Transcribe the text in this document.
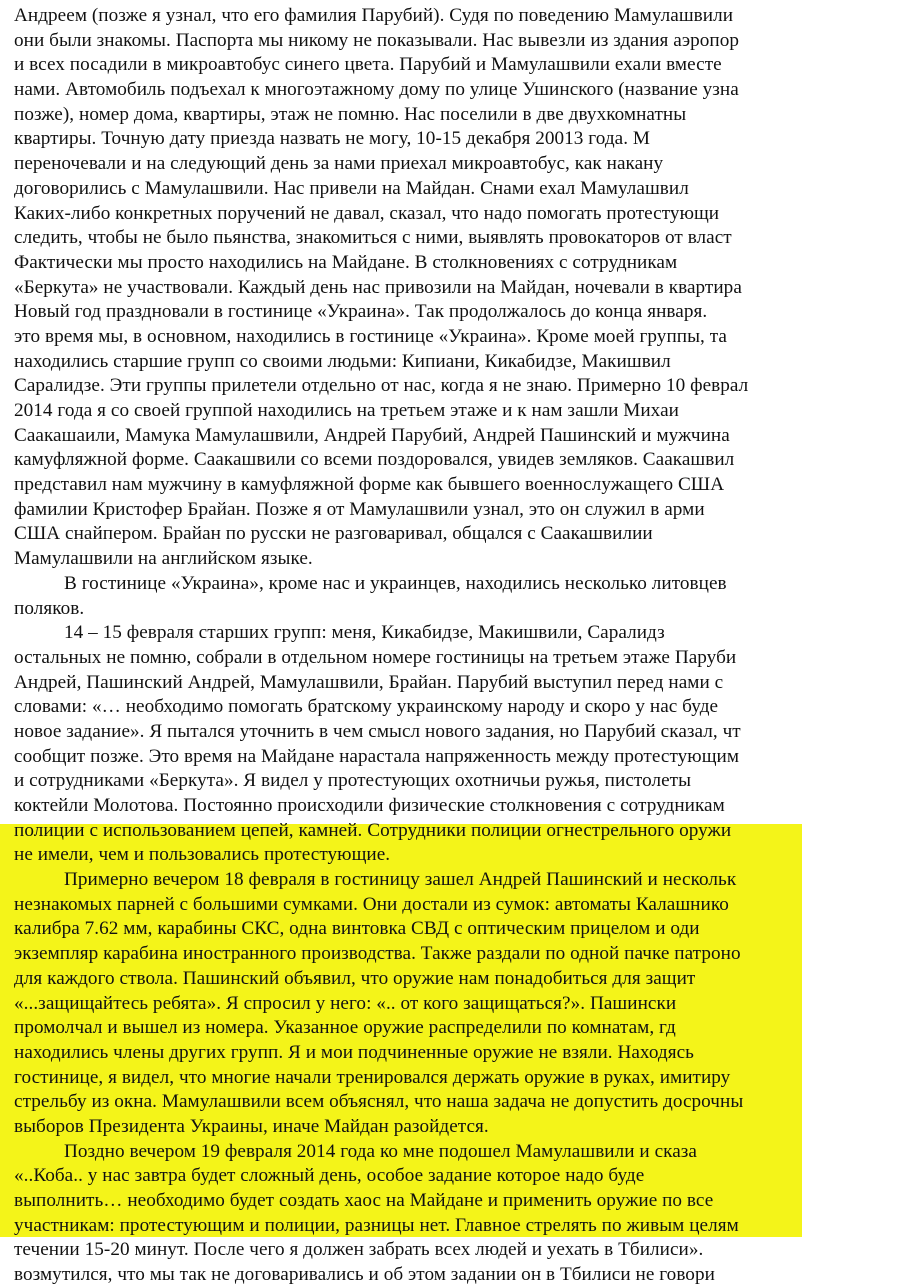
Андреем (позже я узнал, что его фамилия Парубий). Судя по поведению Мамулашвили
они были знакомы. Паспорта мы никому не показывали. Нас вывезли из здания аэропор
и всех посадили в микроавтобус синего цвета. Парубий и Мамулашвили ехали вместе
нами. Автомобиль подъехал к многоэтажному дому по улице Ушинского (название узна
позже), номер дома, квартиры, этаж не помню. Нас поселили в две двухкомнатны
квартиры. Точную дату приезда назвать не могу, 10-15 декабря 20013 года. М
переночевали и на следующий день за нами приехал микроавтобус, как накану
договорились с Мамулашвили. Нас привели на Майдан. Снами ехал Мамулашвил
Каких-либо конкретных поручений не давал, сказал, что надо помогать протестующи
следить, чтобы не было пьянства, знакомиться с ними, выявлять провокаторов от власт
Фактически мы просто находились на Майдане. В столкновениях с сотрудникам
«Беркута» не участвовали. Каждый день нас привозили на Майдан, ночевали в квартира
Новый год праздновали в гостинице «Украина». Так продолжалось до конца января.
это время мы, в основном, находились в гостинице «Украина». Кроме моей группы, та
находились старшие групп со своими людьми: Кипиани, Кикабидзе, Макишвил
Саралидзе. Эти группы прилетели отдельно от нас, когда я не знаю. Примерно 10 феврал
2014 года я со своей группой находились на третьем этаже и к нам зашли Михаи
Саакашаили, Мамука Мамулашвили, Андрей Парубий, Андрей Пашинский и мужчина
камуфляжной форме. Саакашвили со всеми поздоровался, увидев земляков. Саакашвил
представил нам мужчину в камуфляжной форме как бывшего военнослужащего США
фамилии Кристофер Брайан. Позже я от Мамулашвили узнал, это он служил в арми
США снайпером. Брайан по русски не разговаривал, общался с Саакашвилии
Мамулашвили на английском языке.
В гостинице «Украина», кроме нас и украинцев, находились несколько литовцев
поляков.
14 – 15 февраля старших групп: меня, Кикабидзе, Макишвили, Саралидз
остальных не помню, собрали в отдельном номере гостиницы на третьем этаже Паруби
Андрей, Пашинский Андрей, Мамулашвили, Брайан. Парубий выступил перед нами с
словами: «… необходимо помогать братскому украинскому народу и скоро у нас буде
новое задание». Я пытался уточнить в чем смысл нового задания, но Парубий сказал, чт
сообщит позже. Это время на Майдане нарастала напряженность между протестующим
и сотрудниками «Беркута». Я видел у протестующих охотничьи ружья, пистолеты
коктейли Молотова. Постоянно происходили физические столкновения с сотрудникам
полиции с использованием цепей, камней. Сотрудники полиции огнестрельного оружи
не имели, чем и пользовались протестующие.
Примерно вечером 18 февраля в гостиницу зашел Андрей Пашинский и нескольк
незнакомых парней с большими сумками. Они достали из сумок: автоматы Калашнико
калибра 7.62 мм, карабины СКС, одна винтовка СВД с оптическим прицелом и оди
экземпляр карабина иностранного производства. Также раздали по одной пачке патроно
для каждого ствола. Пашинский объявил, что оружие нам понадобиться для защит
«...защищайтесь ребята». Я спросил у него: «.. от кого защищаться?». Пашински
промолчал и вышел из номера. Указанное оружие распределили по комнатам, гд
находились члены других групп. Я и мои подчиненные оружие не взяли. Находясь
гостинице, я видел, что многие начали тренировался держать оружие в руках, имитиру
стрельбу из окна. Мамулашвили всем объяснял, что наша задача не допустить досрочны
выборов Президента Украины, иначе Майдан разойдется.
Поздно вечером 19 февраля 2014 года ко мне подошел Мамулашвили и сказа
«..Коба.. у нас завтра будет сложный день, особое задание которое надо буде
выполнить… необходимо будет создать хаос на Майдане и применить оружие по все
участникам: протестующим и полиции, разницы нет. Главное стрелять по живым целям
течении 15-20 минут. После чего я должен забрать всех людей и уехать в Тбилиси».
возмутился, что мы так не договаривались и об этом задании он в Тбилиси не говори
